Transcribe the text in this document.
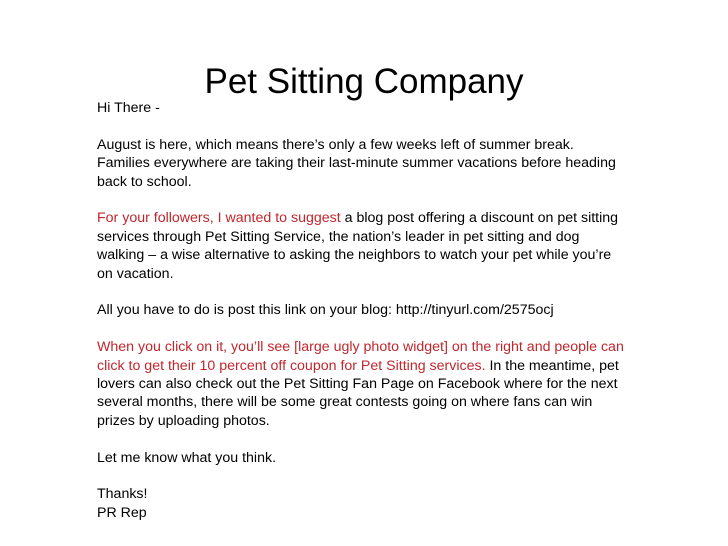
Pet Sitting Company

Hi There -

August is here, which means there’s only a few weeks left of summer break.
Families everywhere are taking their last-minute summer vacations before heading
back to school.

For your followers, I wanted to suggest a blog post offering a discount on pet sitting
services through Pet Sitting Service, the nation’s leader in pet sitting and dog
walking – a wise alternative to asking the neighbors to watch your pet while you’re
on vacation.

All you have to do is post this link on your blog: http://tinyurl.com/2575ocj

When you click on it, you’ll see [large ugly photo widget] on the right and people can
click to get their 10 percent off coupon for Pet Sitting services. In the meantime, pet
lovers can also check out the Pet Sitting Fan Page on Facebook where for the next
several months, there will be some great contests going on where fans can win
prizes by uploading photos.

Let me know what you think.

Thanks!
PR Rep
